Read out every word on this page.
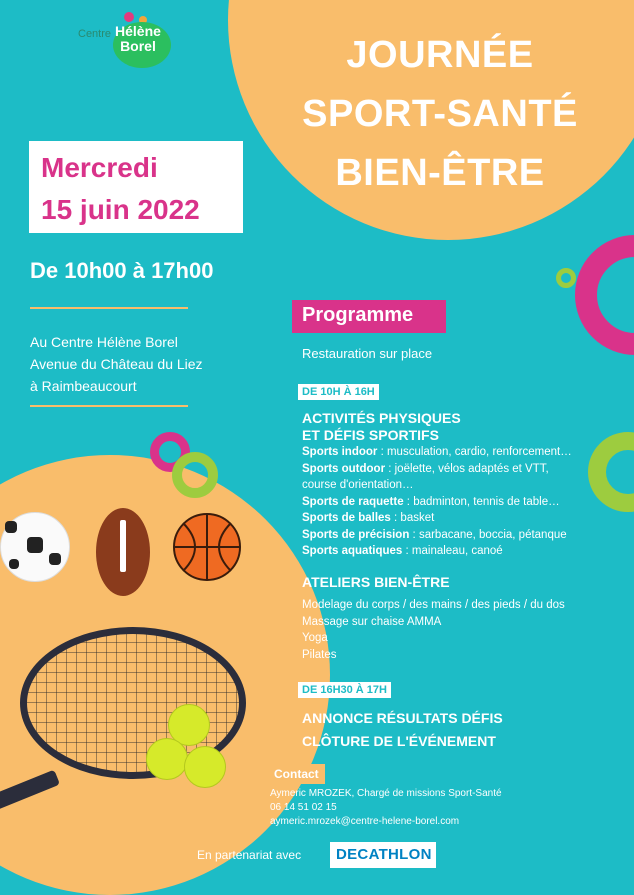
Centre Hélène
Borel	JOURNÉE
SPORT-SANTÉ
BIEN-ÊTRE
Mercredi
15 juin 2022
De 10h00 à 17h00
Au Centre Hélène Borel
Avenue du Château du Liez
à Raimbeaucourt
Programme
Restauration sur place
DE 10H À 16H
ACTIVITÉS PHYSIQUES
ET DÉFIS SPORTIFS
Sports indoor : musculation, cardio, renforcement…
Sports outdoor : joëlette, vélos adaptés et VTT,
course d'orientation…
Sports de raquette : badminton, tennis de table…
Sports de balles : basket
Sports de précision : sarbacane, boccia, pétanque
Sports aquatiques : mainaleau, canoé
ATELIERS BIEN-ÊTRE
Modelage du corps / des mains / des pieds / du dos
Massage sur chaise AMMA
Yoga
Pilates
DE 16H30 À 17H
ANNONCE RÉSULTATS DÉFIS
CLÔTURE DE L'ÉVÉNEMENT
Contact
Aymeric MROZEK, Chargé de missions Sport-Santé
06 14 51 02 15
aymeric.mrozek@centre-helene-borel.com
En partenariat avec DECATHLON
